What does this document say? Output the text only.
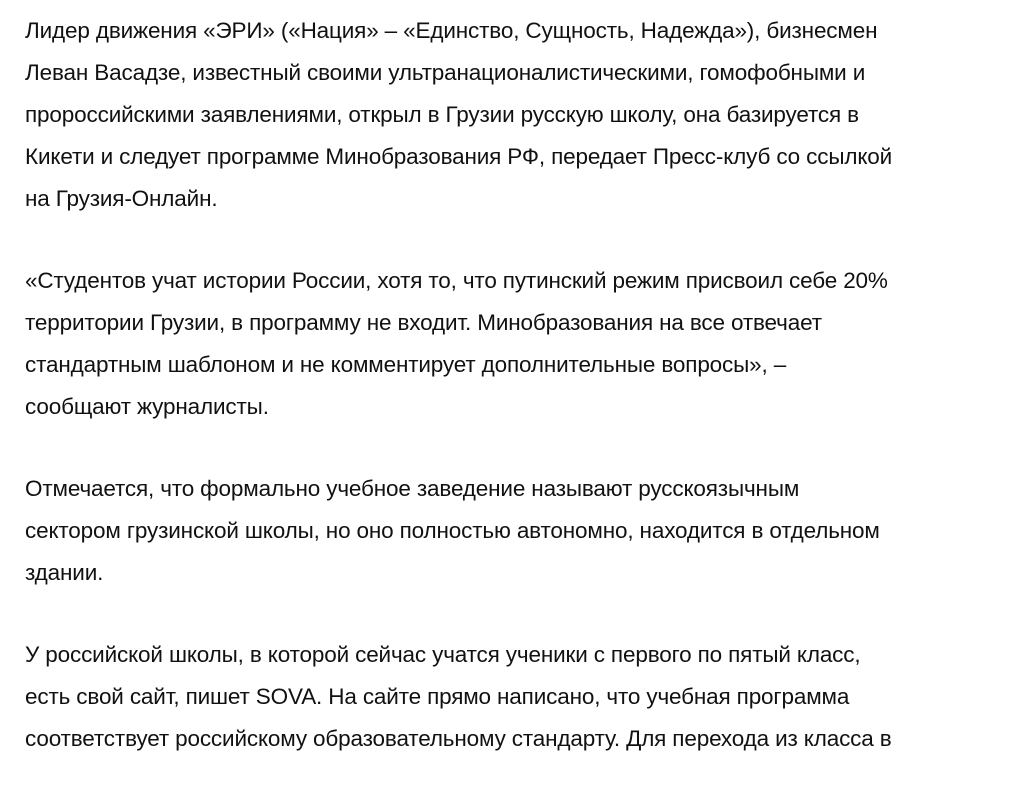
Лидер движения «ЭРИ» («Нация» – «Единство, Сущность, Надежда»), бизнесмен
Леван Васадзе, известный своими ультранационалистическими, гомофобными и
пророссийскими заявлениями, открыл в Грузии русскую школу, она базируется в
Кикети и следует программе Минобразования РФ, передает Пресс-клуб со ссылкой
на Грузия-Онлайн.

«Студентов учат истории России, хотя то, что путинский режим присвоил себе 20%
территории Грузии, в программу не входит. Минобразования на все отвечает
стандартным шаблоном и не комментирует дополнительные вопросы», –
сообщают журналисты.

Отмечается, что формально учебное заведение называют русскоязычным
сектором грузинской школы, но оно полностью автономно, находится в отдельном
здании.

У российской школы, в которой сейчас учатся ученики с первого по пятый класс,
есть свой сайт, пишет SOVA. На сайте прямо написано, что учебная программа
соответствует российскому образовательному стандарту. Для перехода из класса в
